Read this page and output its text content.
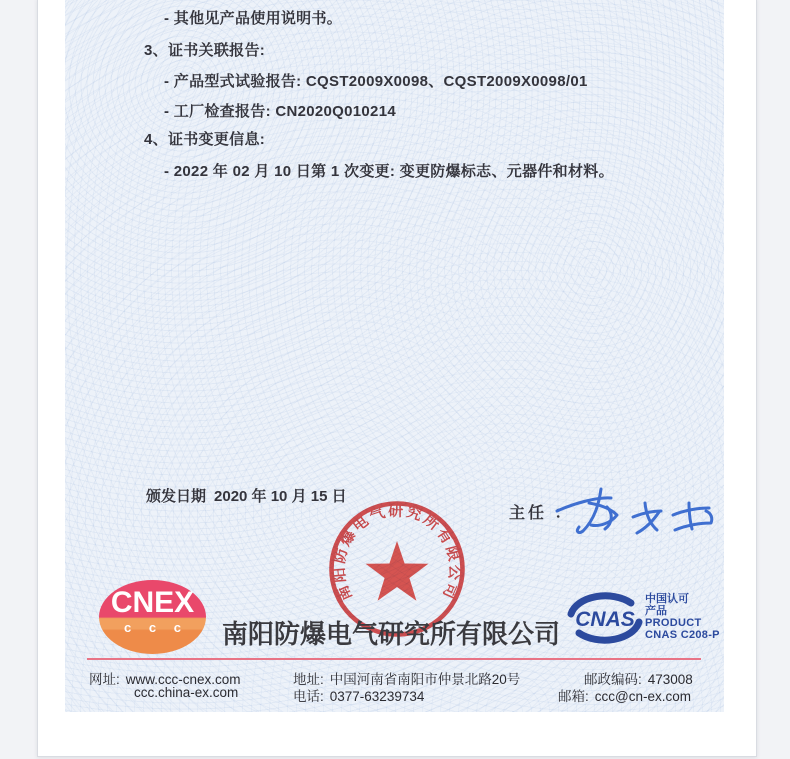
- 其他见产品使用说明书。
3、证书关联报告:
- 产品型式试验报告: CQST2009X0098、CQST2009X0098/01
- 工厂检查报告: CN2020Q010214
4、证书变更信息:
- 2022 年 02 月 10 日第 1 次变更: 变更防爆标志、元器件和材料。
颁发日期 2020 年 10 月 15 日
主任 ：
南阳防爆电气研究所有限公司
CNEX
c c c	南阳防爆电气研究所有限公司 CNAS
中国认可
产品
PRODUCT
CNAS C208-P
网址: www.ccc-cnex.com
ccc.china-ex.com
地址: 中国河南省南阳市仲景北路20号
电话: 0377-63239734
邮政编码: 473008
邮箱: ccc@cn-ex.com
